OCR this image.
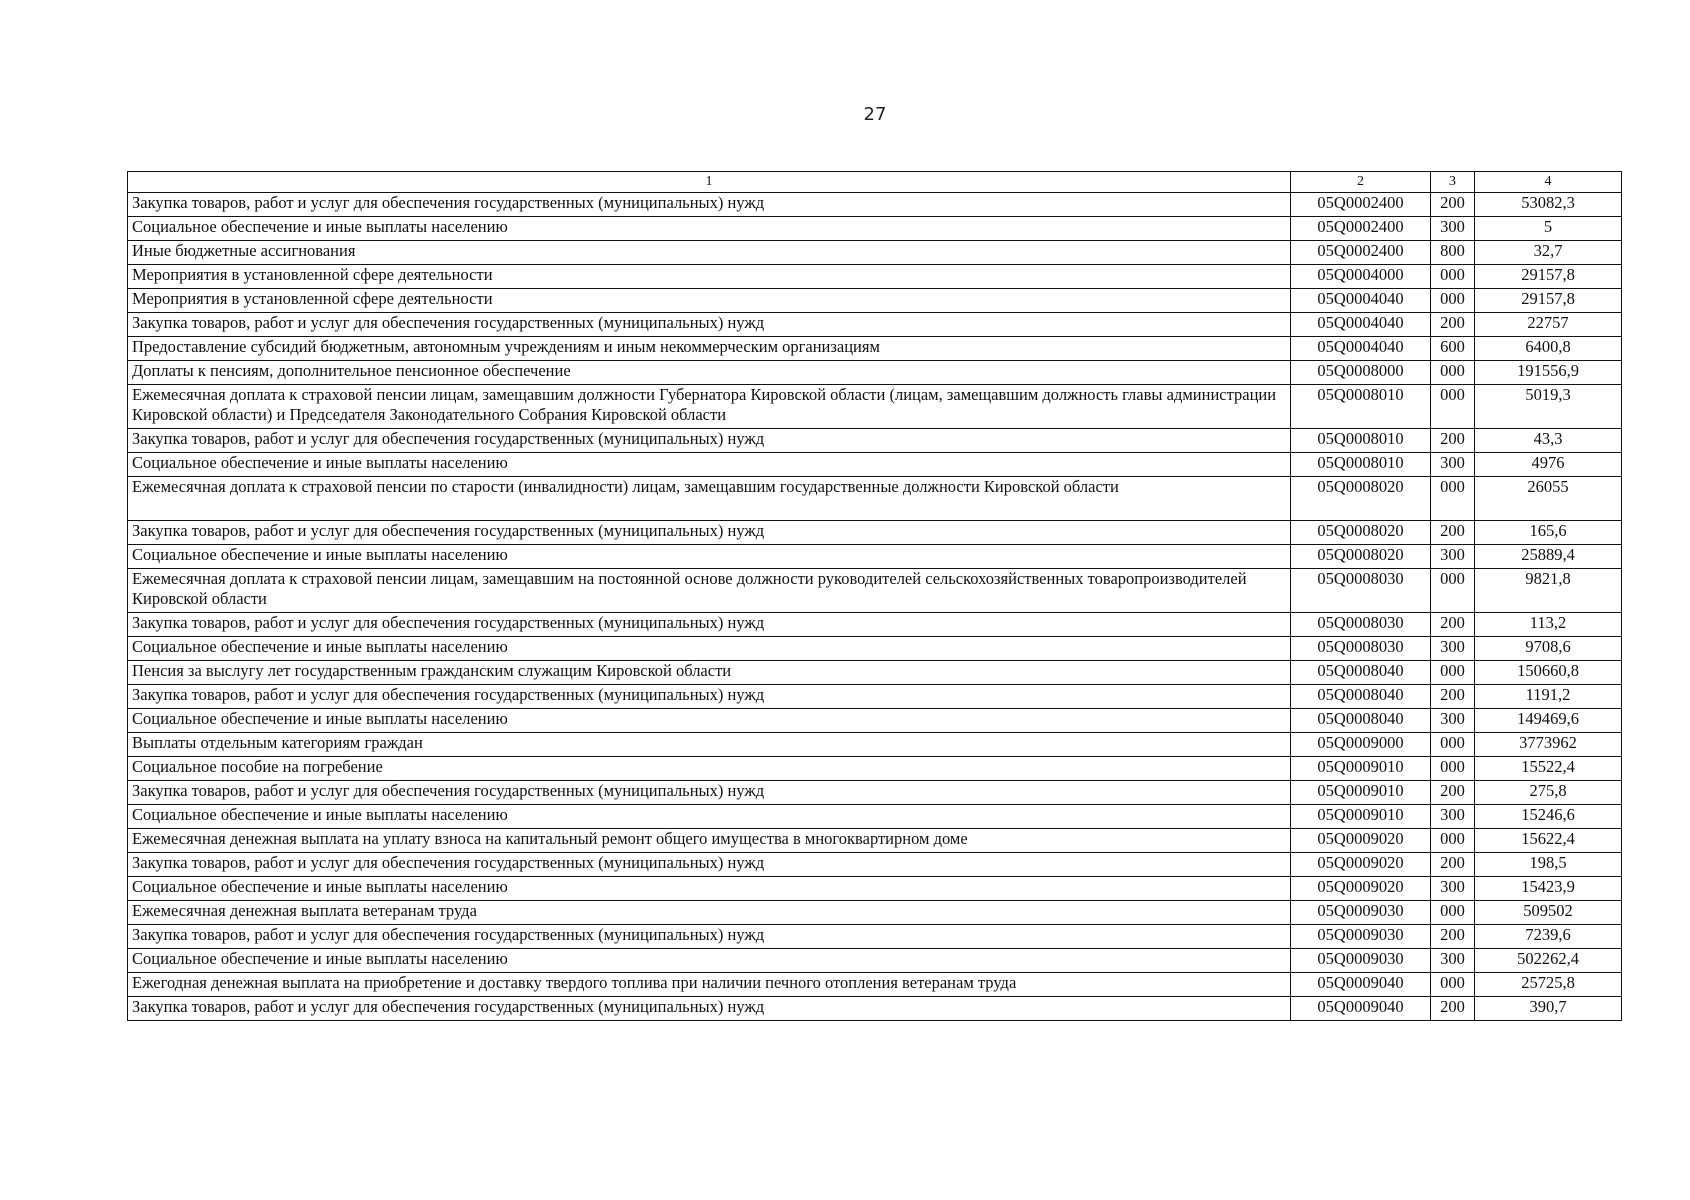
27
1	2	3	4
Закупка товаров, работ и услуг для обеспечения государственных (муниципальных) нужд	05Q0002400	200	53082,3
Социальное обеспечение и иные выплаты населению	05Q0002400	300	5
Иные бюджетные ассигнования	05Q0002400	800	32,7
Мероприятия в установленной сфере деятельности	05Q0004000	000	29157,8
Мероприятия в установленной сфере деятельности	05Q0004040	000	29157,8
Закупка товаров, работ и услуг для обеспечения государственных (муниципальных) нужд	05Q0004040	200	22757
Предоставление субсидий бюджетным, автономным учреждениям и иным некоммерческим организациям	05Q0004040	600	6400,8
Доплаты к пенсиям, дополнительное пенсионное обеспечение	05Q0008000	000	191556,9
Ежемесячная доплата к страховой пенсии лицам, замещавшим должности Губернатора Кировской области (лицам, замещавшим должность главы администрации Кировской области) и Председателя Законодательного Собрания Кировской области	05Q0008010	000	5019,3
Закупка товаров, работ и услуг для обеспечения государственных (муниципальных) нужд	05Q0008010	200	43,3
Социальное обеспечение и иные выплаты населению	05Q0008010	300	4976
Ежемесячная доплата к страховой пенсии по старости (инвалидности) лицам, замещавшим государственные должности Кировской области	05Q0008020	000	26055
Закупка товаров, работ и услуг для обеспечения государственных (муниципальных) нужд	05Q0008020	200	165,6
Социальное обеспечение и иные выплаты населению	05Q0008020	300	25889,4
Ежемесячная доплата к страховой пенсии лицам, замещавшим на постоянной основе должности руководителей сельскохозяйственных товаропроизводителей Кировской области	05Q0008030	000	9821,8
Закупка товаров, работ и услуг для обеспечения государственных (муниципальных) нужд	05Q0008030	200	113,2
Социальное обеспечение и иные выплаты населению	05Q0008030	300	9708,6
Пенсия за выслугу лет государственным гражданским служащим Кировской области	05Q0008040	000	150660,8
Закупка товаров, работ и услуг для обеспечения государственных (муниципальных) нужд	05Q0008040	200	1191,2
Социальное обеспечение и иные выплаты населению	05Q0008040	300	149469,6
Выплаты отдельным категориям граждан	05Q0009000	000	3773962
Социальное пособие на погребение	05Q0009010	000	15522,4
Закупка товаров, работ и услуг для обеспечения государственных (муниципальных) нужд	05Q0009010	200	275,8
Социальное обеспечение и иные выплаты населению	05Q0009010	300	15246,6
Ежемесячная денежная выплата на уплату взноса на капитальный ремонт общего имущества в многоквартирном доме	05Q0009020	000	15622,4
Закупка товаров, работ и услуг для обеспечения государственных (муниципальных) нужд	05Q0009020	200	198,5
Социальное обеспечение и иные выплаты населению	05Q0009020	300	15423,9
Ежемесячная денежная выплата ветеранам труда	05Q0009030	000	509502
Закупка товаров, работ и услуг для обеспечения государственных (муниципальных) нужд	05Q0009030	200	7239,6
Социальное обеспечение и иные выплаты населению	05Q0009030	300	502262,4
Ежегодная денежная выплата на приобретение и доставку твердого топлива при наличии печного отопления ветеранам труда	05Q0009040	000	25725,8
Закупка товаров, работ и услуг для обеспечения государственных (муниципальных) нужд	05Q0009040	200	390,7
